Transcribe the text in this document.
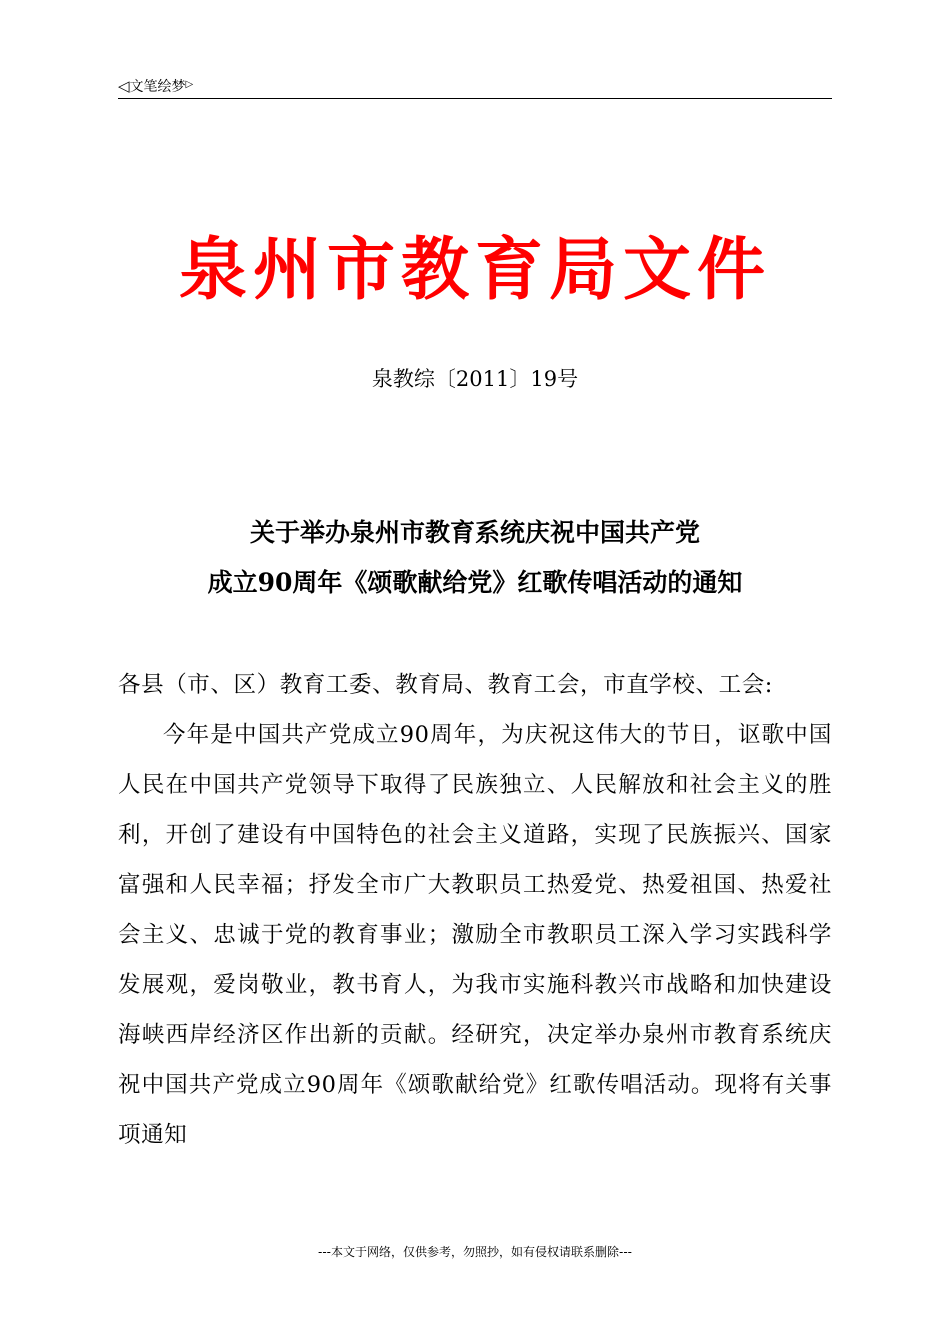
◁文笔绘梦▷
泉州市教育局文件
泉教综〔2011〕19号
关于举办泉州市教育系统庆祝中国共产党
成立90周年《颂歌献给党》红歌传唱活动的通知

各县（市、区）教育工委、教育局、教育工会，市直学校、工会:

今年是中国共产党成立90周年，为庆祝这伟大的节日，讴歌中国人民在中国共产党领导下取得了民族独立、人民解放和社会主义的胜利，开创了建设有中国特色的社会主义道路，实现了民族振兴、国家富强和人民幸福；抒发全市广大教职员工热爱党、热爱祖国、热爱社会主义、忠诚于党的教育事业；激励全市教职员工深入学习实践科学发展观，爱岗敬业，教书育人，为我市实施科教兴市战略和加快建设海峡西岸经济区作出新的贡献。经研究，决定举办泉州市教育系统庆祝中国共产党成立90周年《颂歌献给党》红歌传唱活动。现将有关事项通知

---本文于网络，仅供参考，勿照抄，如有侵权请联系删除---
